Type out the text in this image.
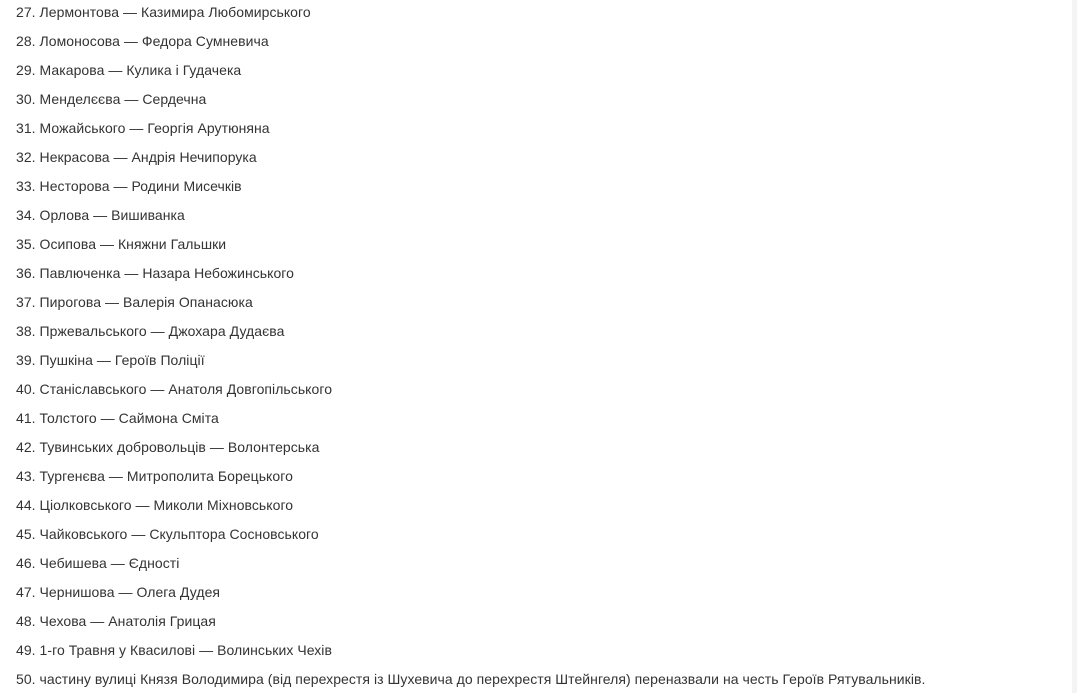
27. Лермонтова — Казимира Любомирського
28. Ломоносова — Федора Сумневича
29. Макарова — Кулика і Гудачека
30. Менделєєва — Сердечна
31. Можайського — Георгія Арутюняна
32. Некрасова — Андрія Нечипорука
33. Несторова — Родини Мисечків
34. Орлова — Вишиванка
35. Осипова — Княжни Гальшки
36. Павлюченка — Назара Небожинського
37. Пирогова — Валерія Опанасюка
38. Пржевальського — Джохара Дудаєва
39. Пушкіна — Героїв Поліції
40. Станіславського — Анатоля Довгопільського
41. Толстого — Саймона Сміта
42. Тувинських добровольців — Волонтерська
43. Тургенєва — Митрополита Борецького
44. Ціолковського — Миколи Міхновського
45. Чайковського — Скульптора Сосновського
46. Чебишева — Єдності
47. Чернишова — Олега Дудея
48. Чехова — Анатолія Грицая
49. 1-го Травня у Квасилові — Волинських Чехів
50. частину вулиці Князя Володимира (від перехрестя із Шухевича до перехрестя Штейнгеля) переназвали на честь Героїв Рятувальників.
